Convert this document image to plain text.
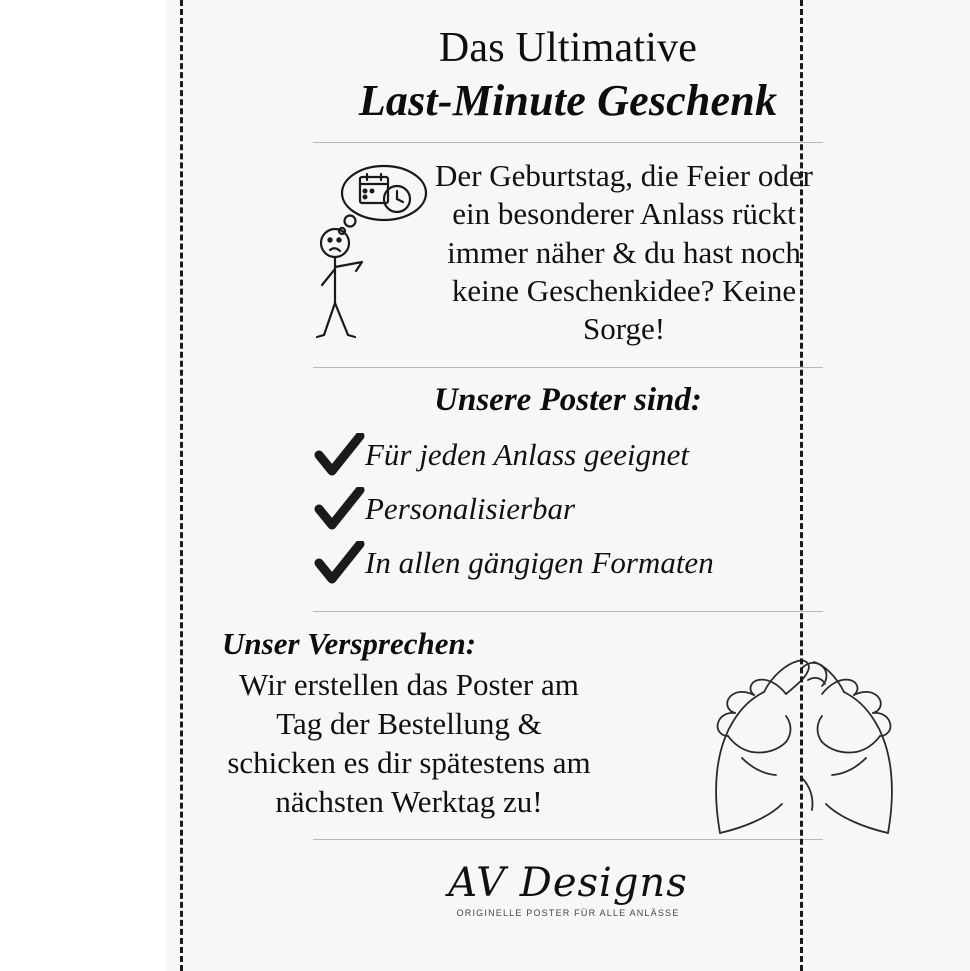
Das Ultimative
Last-Minute Geschenk
Der Geburtstag, die Feier oder ein besonderer Anlass rückt immer näher & du hast noch keine Geschenkidee? Keine Sorge!
Unsere Poster sind:
Für jeden Anlass geeignet
Personalisierbar
In allen gängigen Formaten
Unser Versprechen:
Wir erstellen das Poster am Tag der Bestellung & schicken es dir spätestens am nächsten Werktag zu!
AV Designs
ORIGINELLE POSTER FÜR ALLE ANLÄSSE
